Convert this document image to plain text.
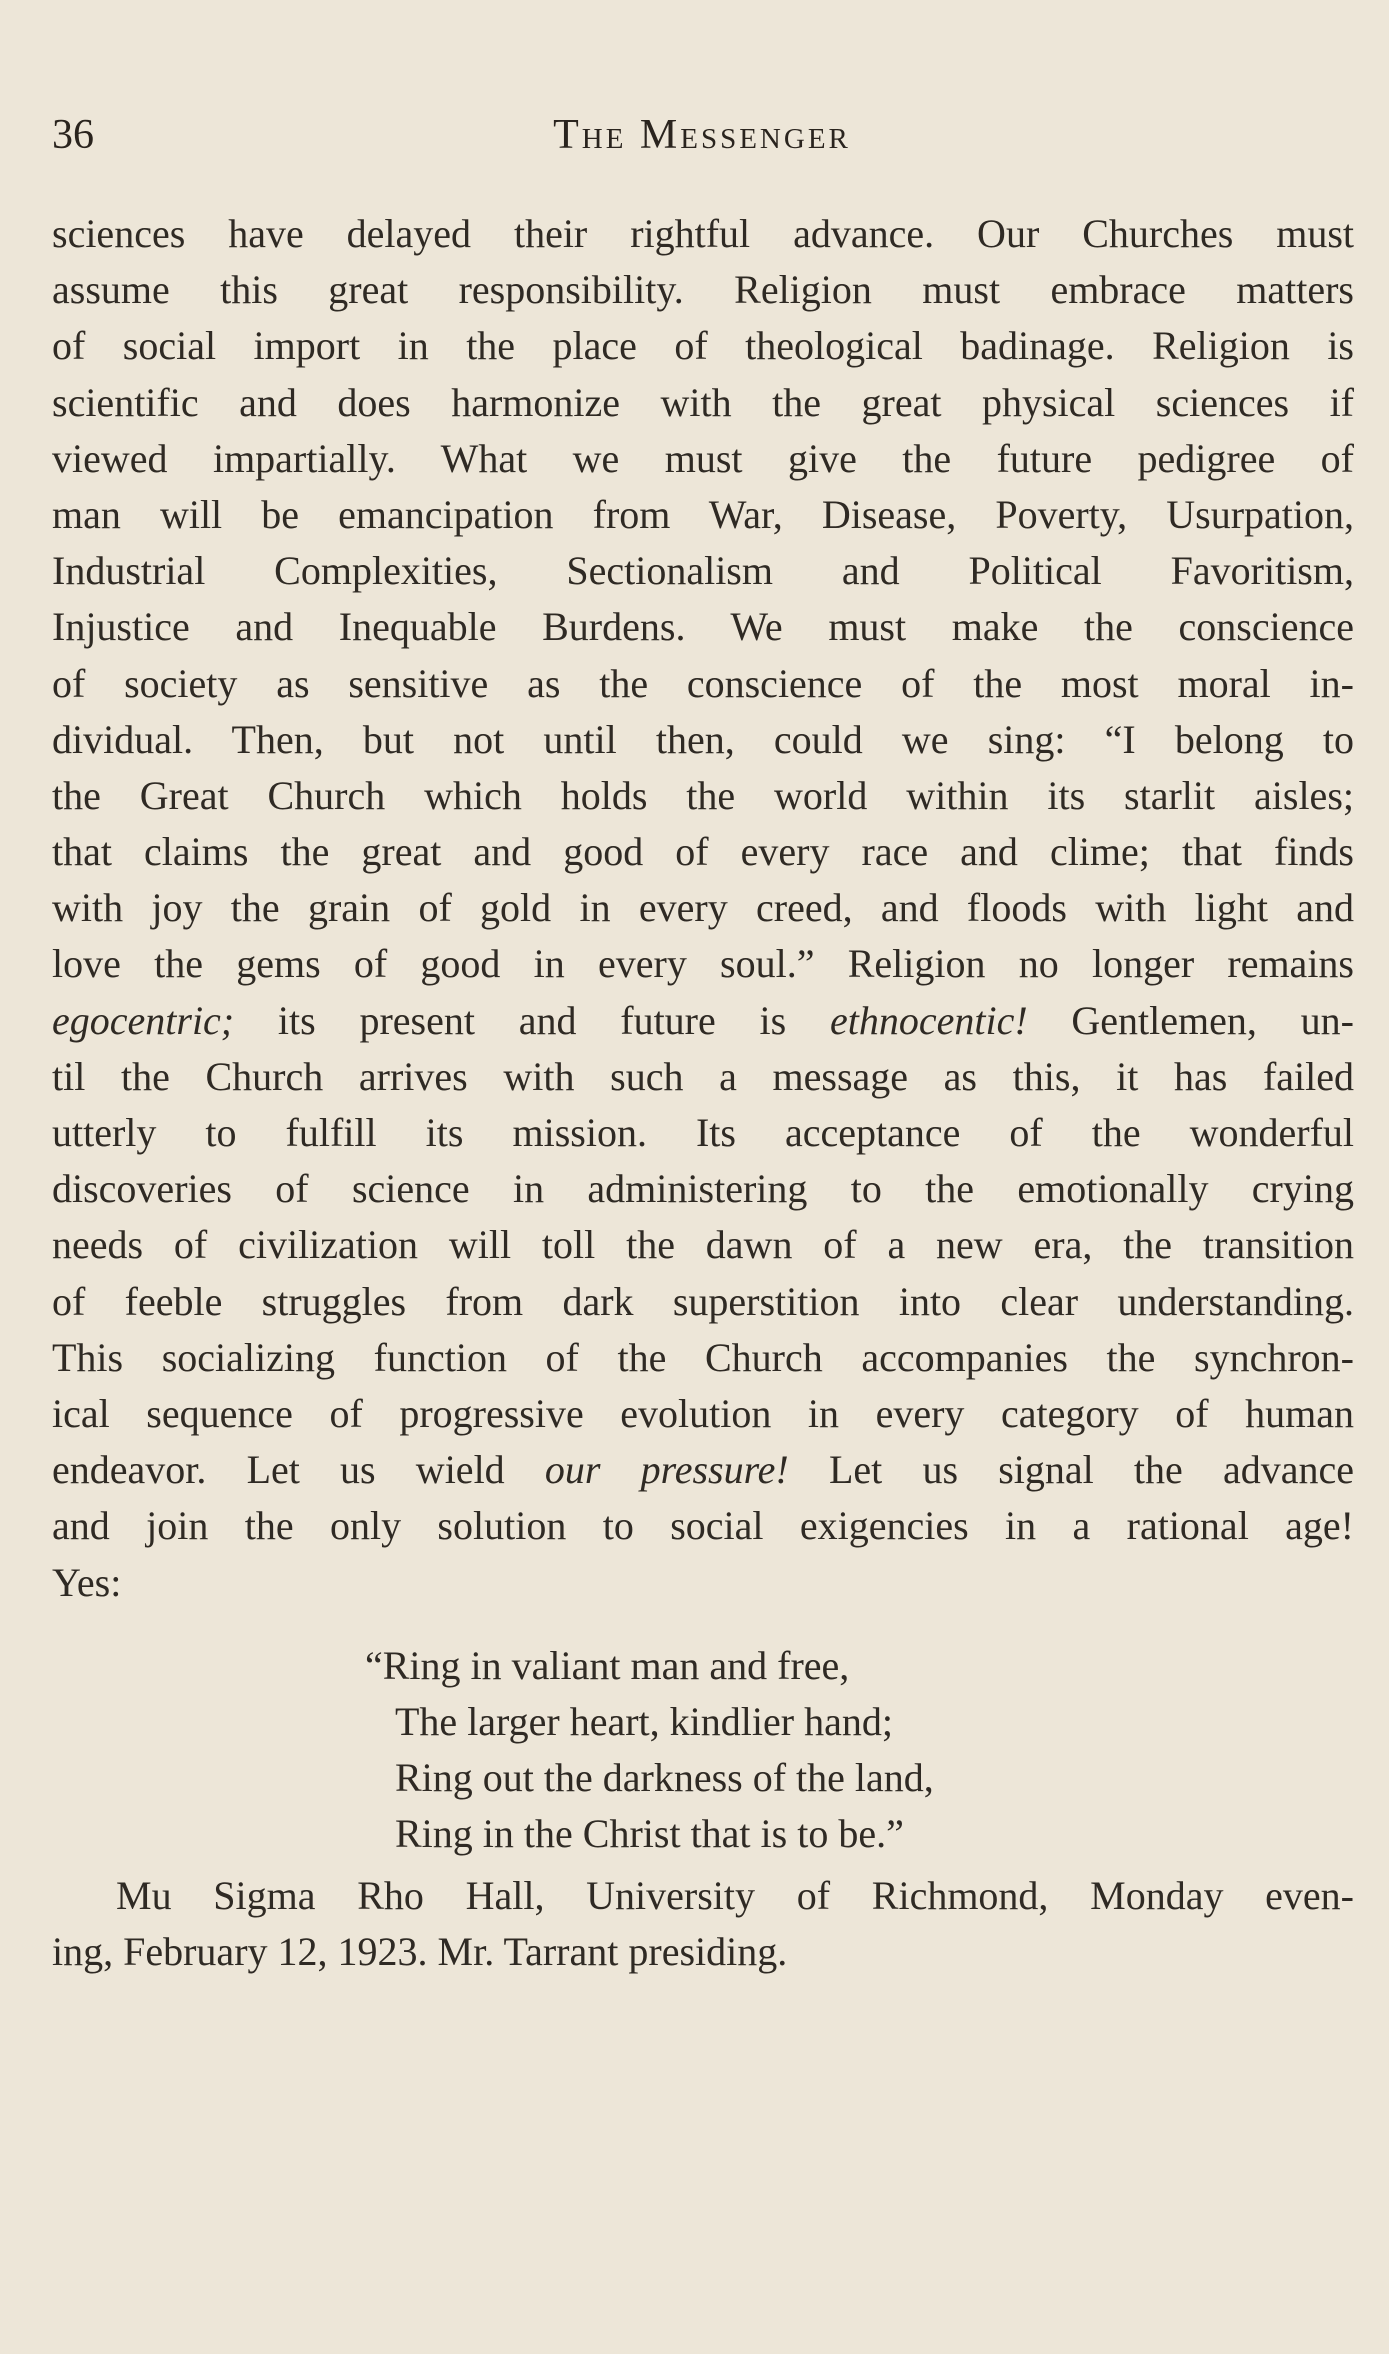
36	The Messenger
sciences have delayed their rightful advance. Our Churches must
assume this great responsibility. Religion must embrace matters
of social import in the place of theological badinage. Religion is
scientific and does harmonize with the great physical sciences if
viewed impartially. What we must give the future pedigree of
man will be emancipation from War, Disease, Poverty, Usurpation,
Industrial Complexities, Sectionalism and Political Favoritism,
Injustice and Inequable Burdens. We must make the conscience
of society as sensitive as the conscience of the most moral in-
dividual. Then, but not until then, could we sing: “I belong to
the Great Church which holds the world within its starlit aisles;
that claims the great and good of every race and clime; that finds
with joy the grain of gold in every creed, and floods with light and
love the gems of good in every soul.” Religion no longer remains
egocentric; its present and future is ethnocentic! Gentlemen, un-
til the Church arrives with such a message as this, it has failed
utterly to fulfill its mission. Its acceptance of the wonderful
discoveries of science in administering to the emotionally crying
needs of civilization will toll the dawn of a new era, the transition
of feeble struggles from dark superstition into clear understanding.
This socializing function of the Church accompanies the synchron-
ical sequence of progressive evolution in every category of human
endeavor. Let us wield our pressure! Let us signal the advance
and join the only solution to social exigencies in a rational age!
Yes:
“Ring in valiant man and free,
The larger heart, kindlier hand;
Ring out the darkness of the land,
Ring in the Christ that is to be.”
Mu Sigma Rho Hall, University of Richmond, Monday even-
ing, February 12, 1923. Mr. Tarrant presiding.
